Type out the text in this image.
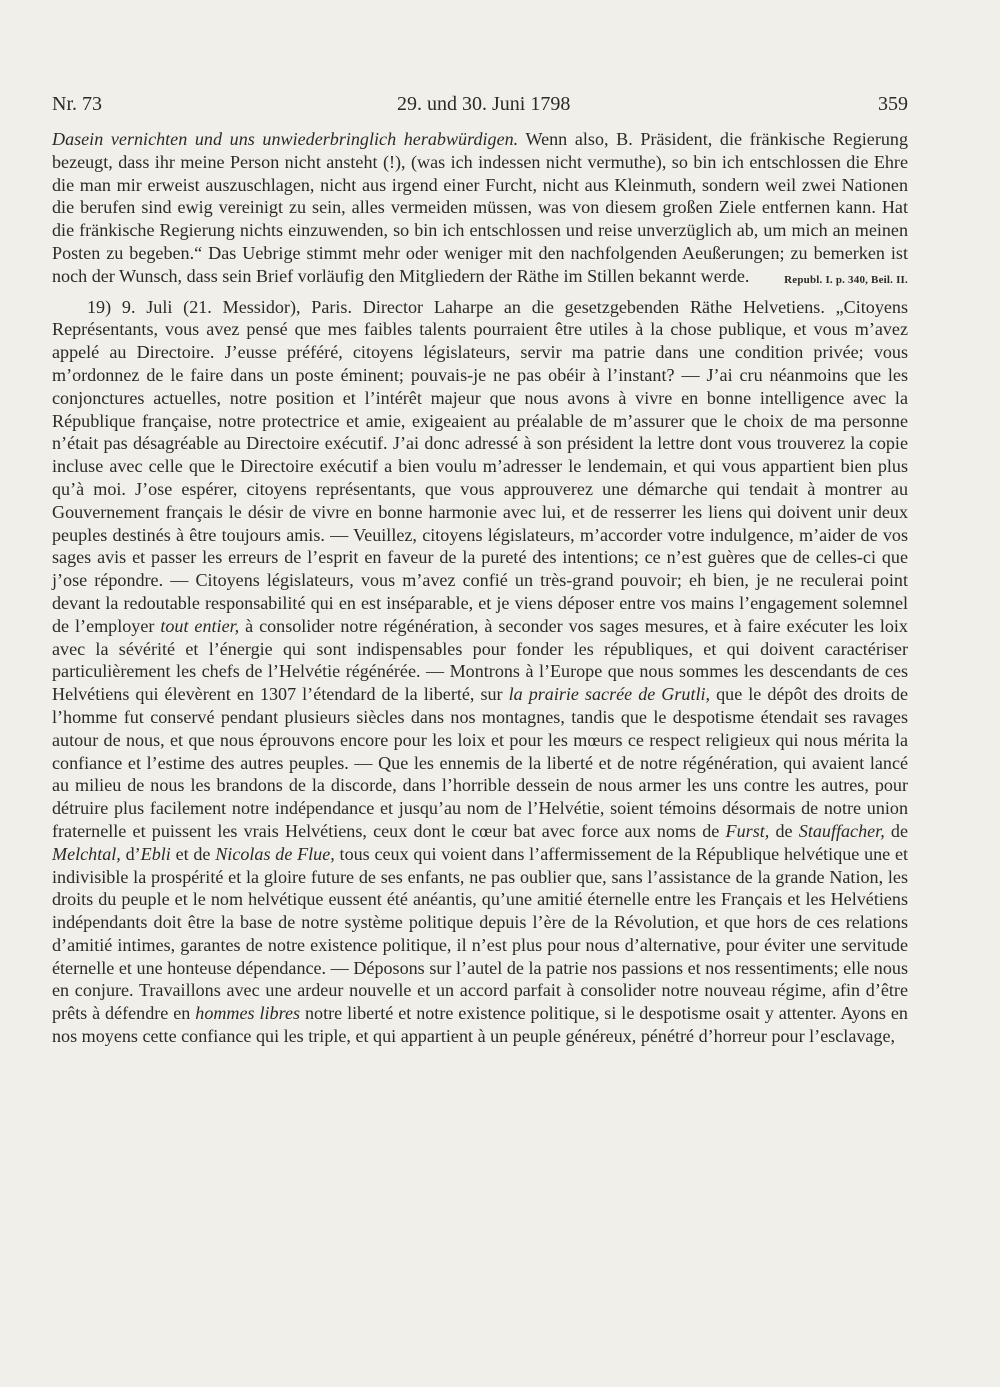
Nr. 73	29. und 30. Juni 1798	359

Dasein vernichten und uns unwiederbringlich herabwürdigen. Wenn also, B. Präsident, die fränkische Regierung bezeugt, dass ihr meine Person nicht ansteht (!), (was ich indessen nicht vermuthe), so bin ich entschlossen die Ehre die man mir erweist auszuschlagen, nicht aus irgend einer Furcht, nicht aus Kleinmuth, sondern weil zwei Nationen die berufen sind ewig vereinigt zu sein, alles vermeiden müssen, was von diesem großen Ziele entfernen kann. Hat die fränkische Regierung nichts einzuwenden, so bin ich entschlossen und reise unverzüglich ab, um mich an meinen Posten zu begeben.“ Das Uebrige stimmt mehr oder weniger mit den nachfolgenden Aeußerungen; zu bemerken ist noch der Wunsch, dass sein Brief vorläufig den Mitgliedern der Räthe im Stillen bekannt werde.	Republ. I. p. 340, Beil. II.

19) 9. Juli (21. Messidor), Paris. Director Laharpe an die gesetzgebenden Räthe Helvetiens. „Citoyens Représentants, vous avez pensé que mes faibles talents pourraient être utiles à la chose publique, et vous m’avez appelé au Directoire. J’eusse préféré, citoyens législateurs, servir ma patrie dans une condition privée; vous m’ordonnez de le faire dans un poste éminent; pouvais-je ne pas obéir à l’instant? — J’ai cru néanmoins que les conjonctures actuelles, notre position et l’intérêt majeur que nous avons à vivre en bonne intelligence avec la République française, notre protectrice et amie, exigeaient au préalable de m’assurer que le choix de ma personne n’était pas désagréable au Directoire exécutif. J’ai donc adressé à son président la lettre dont vous trouverez la copie incluse avec celle que le Directoire exécutif a bien voulu m’adresser le lendemain, et qui vous appartient bien plus qu’à moi. J’ose espérer, citoyens représentants, que vous approuverez une démarche qui tendait à montrer au Gouvernement français le désir de vivre en bonne harmonie avec lui, et de resserrer les liens qui doivent unir deux peuples destinés à être toujours amis. — Veuillez, citoyens législateurs, m’accorder votre indulgence, m’aider de vos sages avis et passer les erreurs de l’esprit en faveur de la pureté des intentions; ce n’est guères que de celles-ci que j’ose répondre. — Citoyens législateurs, vous m’avez confié un très-grand pouvoir; eh bien, je ne reculerai point devant la redoutable responsabilité qui en est inséparable, et je viens déposer entre vos mains l’engagement solemnel de l’employer tout entier, à consolider notre régénération, à seconder vos sages mesures, et à faire exécuter les loix avec la sévérité et l’énergie qui sont indispensables pour fonder les républiques, et qui doivent caractériser particulièrement les chefs de l’Helvétie régénérée. — Montrons à l’Europe que nous sommes les descendants de ces Helvétiens qui élevèrent en 1307 l’étendard de la liberté, sur la prairie sacrée de Grutli, que le dépôt des droits de l’homme fut conservé pendant plusieurs siècles dans nos montagnes, tandis que le despotisme étendait ses ravages autour de nous, et que nous éprouvons encore pour les loix et pour les mœurs ce respect religieux qui nous mérita la confiance et l’estime des autres peuples. — Que les ennemis de la liberté et de notre régénération, qui avaient lancé au milieu de nous les brandons de la discorde, dans l’horrible dessein de nous armer les uns contre les autres, pour détruire plus facilement notre indépendance et jusqu’au nom de l’Helvétie, soient témoins désormais de notre union fraternelle et puissent les vrais Helvétiens, ceux dont le cœur bat avec force aux noms de Furst, de Stauffacher, de Melchtal, d’Ebli et de Nicolas de Flue, tous ceux qui voient dans l’affermissement de la République helvétique une et indivisible la prospérité et la gloire future de ses enfants, ne pas oublier que, sans l’assistance de la grande Nation, les droits du peuple et le nom helvétique eussent été anéantis, qu’une amitié éternelle entre les Français et les Helvétiens indépendants doit être la base de notre système politique depuis l’ère de la Révolution, et que hors de ces relations d’amitié intimes, garantes de notre existence politique, il n’est plus pour nous d’alternative, pour éviter une servitude éternelle et une honteuse dépendance. — Déposons sur l’autel de la patrie nos passions et nos ressentiments; elle nous en conjure. Travaillons avec une ardeur nouvelle et un accord parfait à consolider notre nouveau régime, afin d’être prêts à défendre en hommes libres notre liberté et notre existence politique, si le despotisme osait y attenter. Ayons en nos moyens cette confiance qui les triple, et qui appartient à un peuple généreux, pénétré d’horreur pour l’esclavage,
